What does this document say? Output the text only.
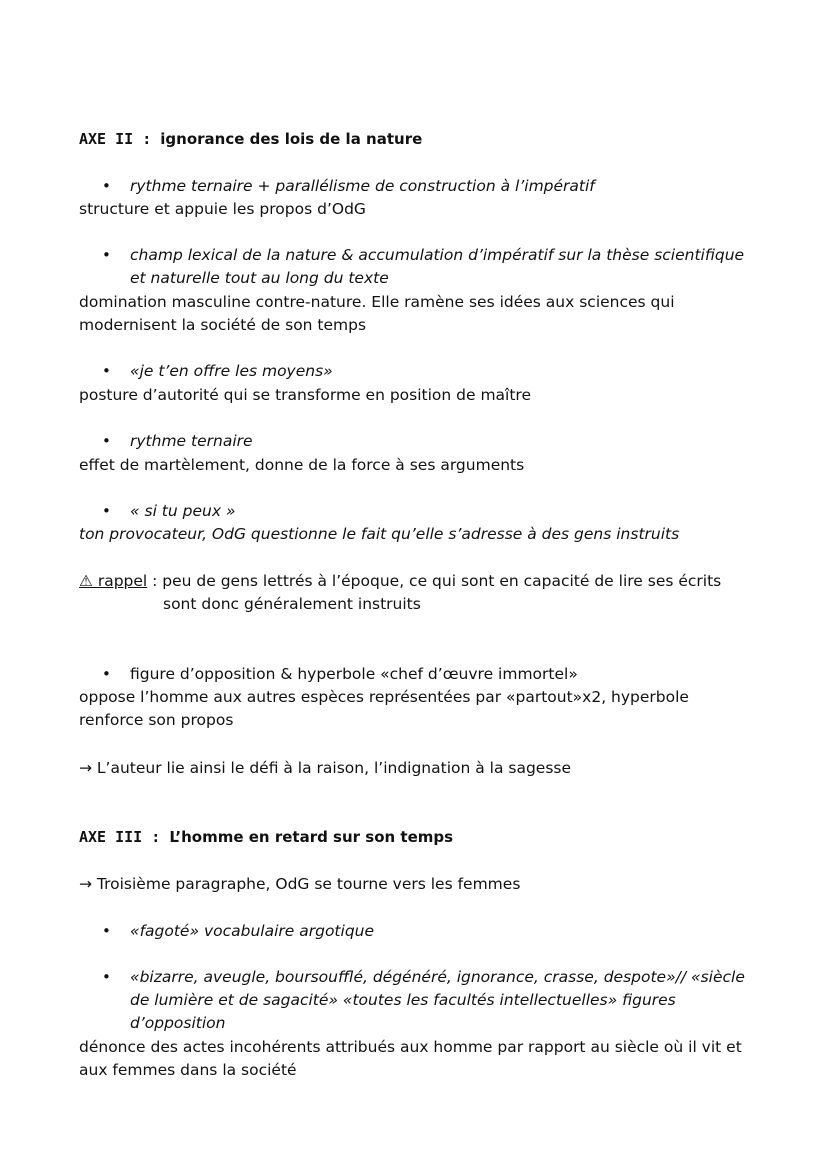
AXE II : ignorance des lois de la nature
• rythme ternaire + parallélisme de construction à l’impératif
structure et appuie les propos d’OdG
• champ lexical de la nature & accumulation d’impératif sur la thèse scientifique
et naturelle tout au long du texte
domination masculine contre-nature. Elle ramène ses idées aux sciences qui
modernisent la société de son temps
• «je t’en offre les moyens»
posture d’autorité qui se transforme en position de maître
• rythme ternaire
effet de martèlement, donne de la force à ses arguments
• « si tu peux »
ton provocateur, OdG questionne le fait qu’elle s’adresse à des gens instruits
⚠ rappel : peu de gens lettrés à l’époque, ce qui sont en capacité de lire ses écrits
sont donc généralement instruits
• figure d’opposition & hyperbole «chef d’œuvre immortel»
oppose l’homme aux autres espèces représentées par «partout»x2, hyperbole
renforce son propos
→ L’auteur lie ainsi le défi à la raison, l’indignation à la sagesse
AXE III : L’homme en retard sur son temps
→ Troisième paragraphe, OdG se tourne vers les femmes
• «fagoté» vocabulaire argotique
• «bizarre, aveugle, boursoufflé, dégénéré, ignorance, crasse, despote»// «siècle
de lumière et de sagacité» «toutes les facultés intellectuelles» figures
d’opposition
dénonce des actes incohérents attribués aux homme par rapport au siècle où il vit et
aux femmes dans la société
